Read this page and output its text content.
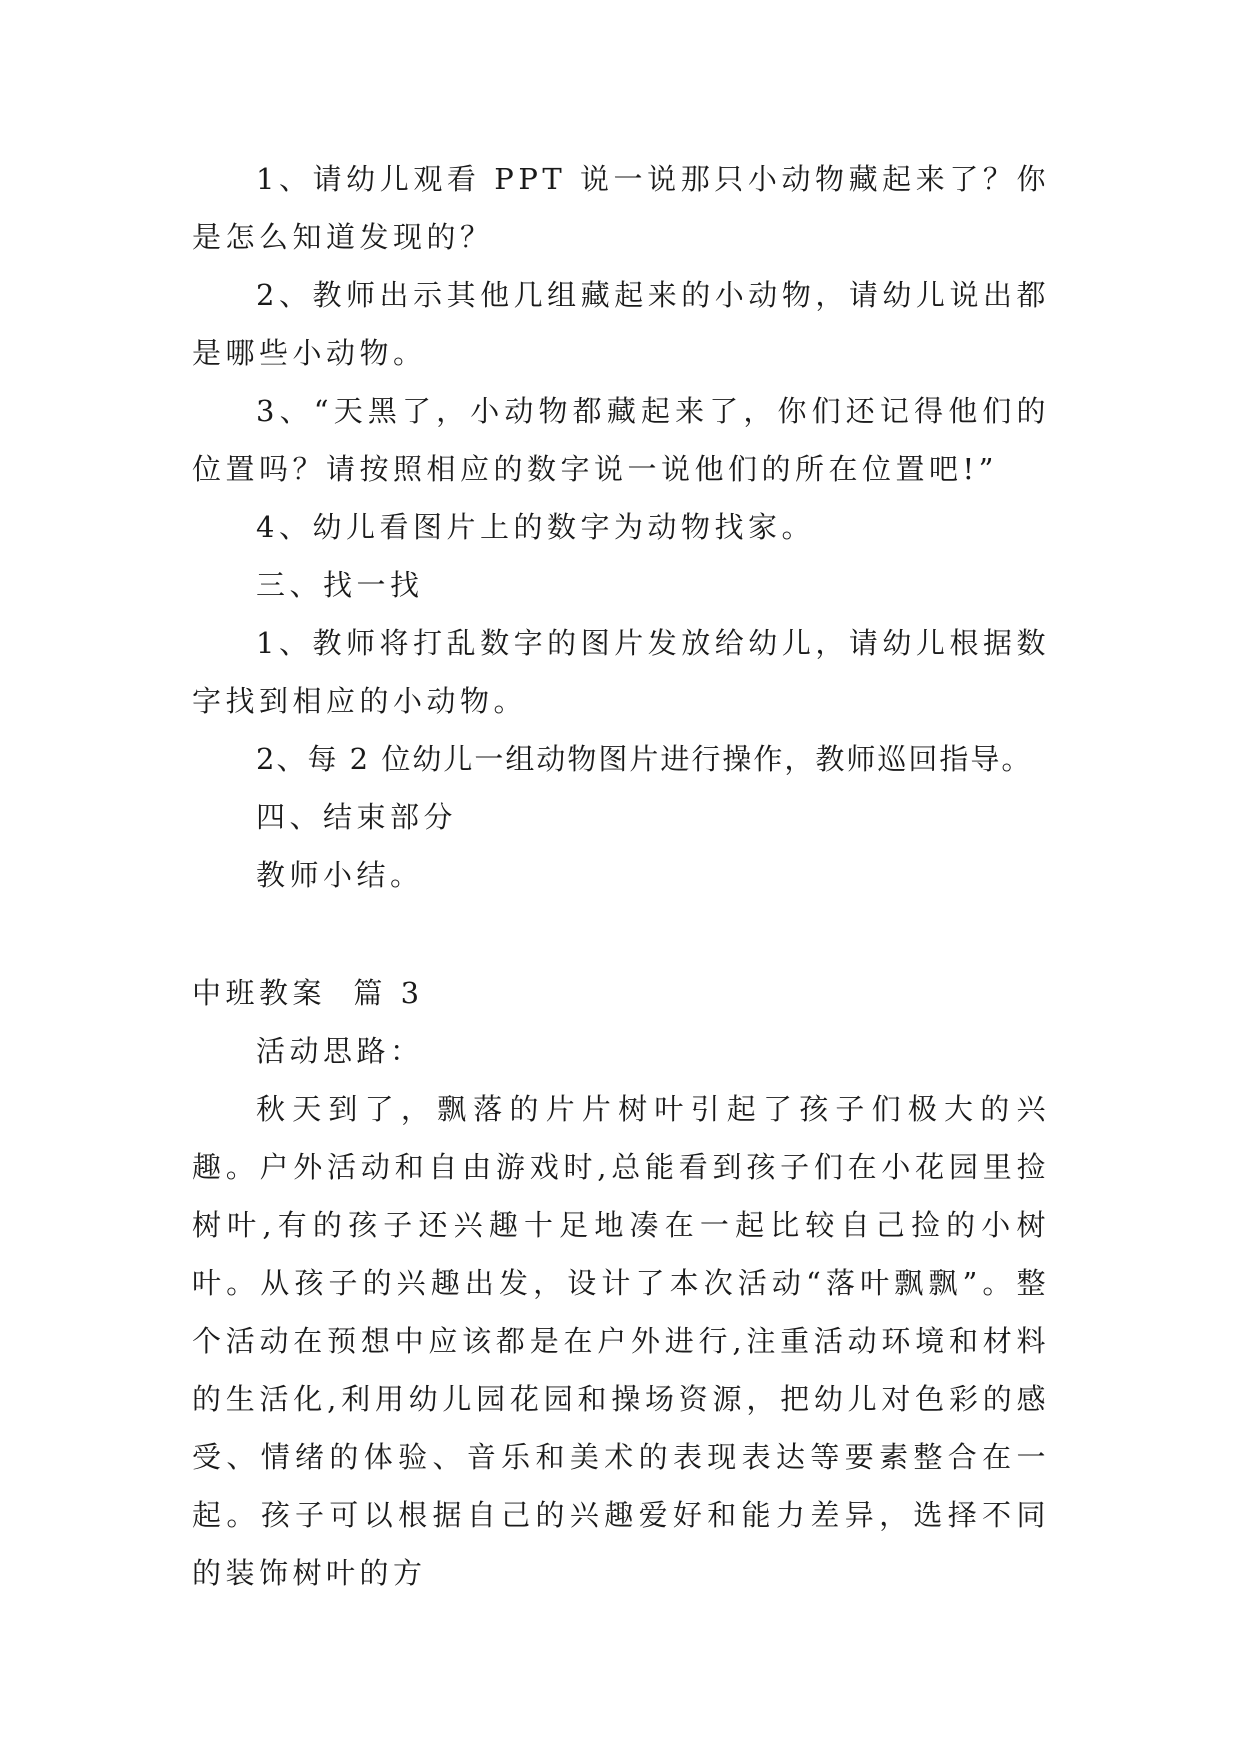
1、请幼儿观看 PPT 说一说那只小动物藏起来了？你是怎么知道发现的？

2、教师出示其他几组藏起来的小动物，请幼儿说出都是哪些小动物。

3、“天黑了，小动物都藏起来了，你们还记得他们的位置吗？请按照相应的数字说一说他们的所在位置吧!”

4、幼儿看图片上的数字为动物找家。

三、找一找

1、教师将打乱数字的图片发放给幼儿，请幼儿根据数字找到相应的小动物。

2、每 2 位幼儿一组动物图片进行操作，教师巡回指导。

四、结束部分

教师小结。

中班教案  篇 3

活动思路：

秋天到了，飘落的片片树叶引起了孩子们极大的兴趣。户外活动和自由游戏时,总能看到孩子们在小花园里捡树叶,有的孩子还兴趣十足地凑在一起比较自己捡的小树叶。从孩子的兴趣出发，设计了本次活动“落叶飘飘”。整个活动在预想中应该都是在户外进行,注重活动环境和材料的生活化,利用幼儿园花园和操场资源，把幼儿对色彩的感受、情绪的体验、音乐和美术的表现表达等要素整合在一起。孩子可以根据自己的兴趣爱好和能力差异，选择不同的装饰树叶的方
